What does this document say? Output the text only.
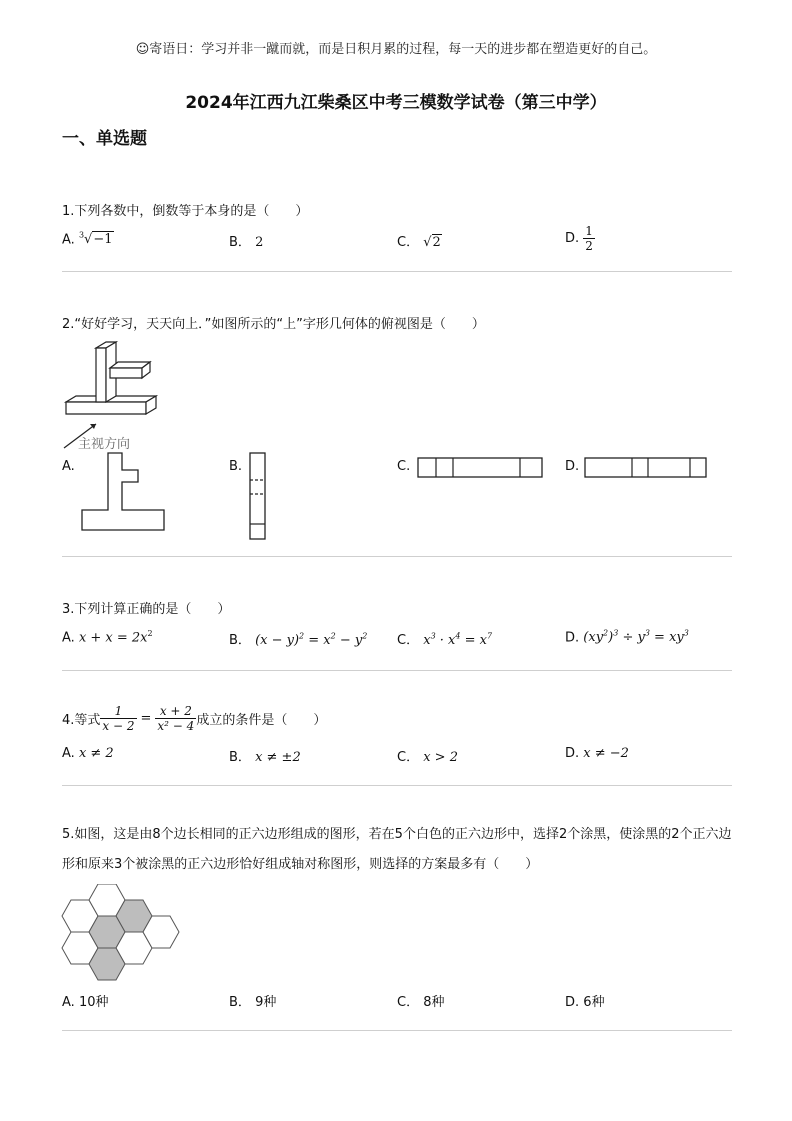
☺寄语日：学习并非一蹴而就，而是日积月累的过程，每一天的进步都在塑造更好的自己。
2024年江西九江柴桑区中考三模数学试卷（第三中学）
一、单选题
1.下列各数中，倒数等于本身的是（　　）
A. $^3$√−1	B． 2	C． √2	D. $\frac{1}{2}$
2.“好好学习，天天向上．”如图所示的“上”字形几何体的俯视图是（　　）
主视方向
A.	B.	C.	D.
3.下列计算正确的是（　　）
A. $x + x = 2x^2$	B． $(x - y)^2 = x^2 - y^2$ C． $x^3 \cdot x^4 = x^7$	D. $(xy^2)^3 \div y^3 = xy^3$
4.等式 $\frac{1}{x - 2} = \frac{x + 2}{\text{x² − 4}}$ 成立的条件是（　　）
A. x ≠ 2	B． x ≠ ±2	C． x > 2	D. x ≠ −2
5.如图，这是由8个边长相同的正六边形组成的图形，若在5个白色的正六边形中，选择2个涂黑，使涂黑的2个正六边形和原来3个被涂黑的正六边形恰好组成轴对称图形，则选择的方案最多有（　　）
A. 10种	B． 9种	C． 8种	D. 6种
